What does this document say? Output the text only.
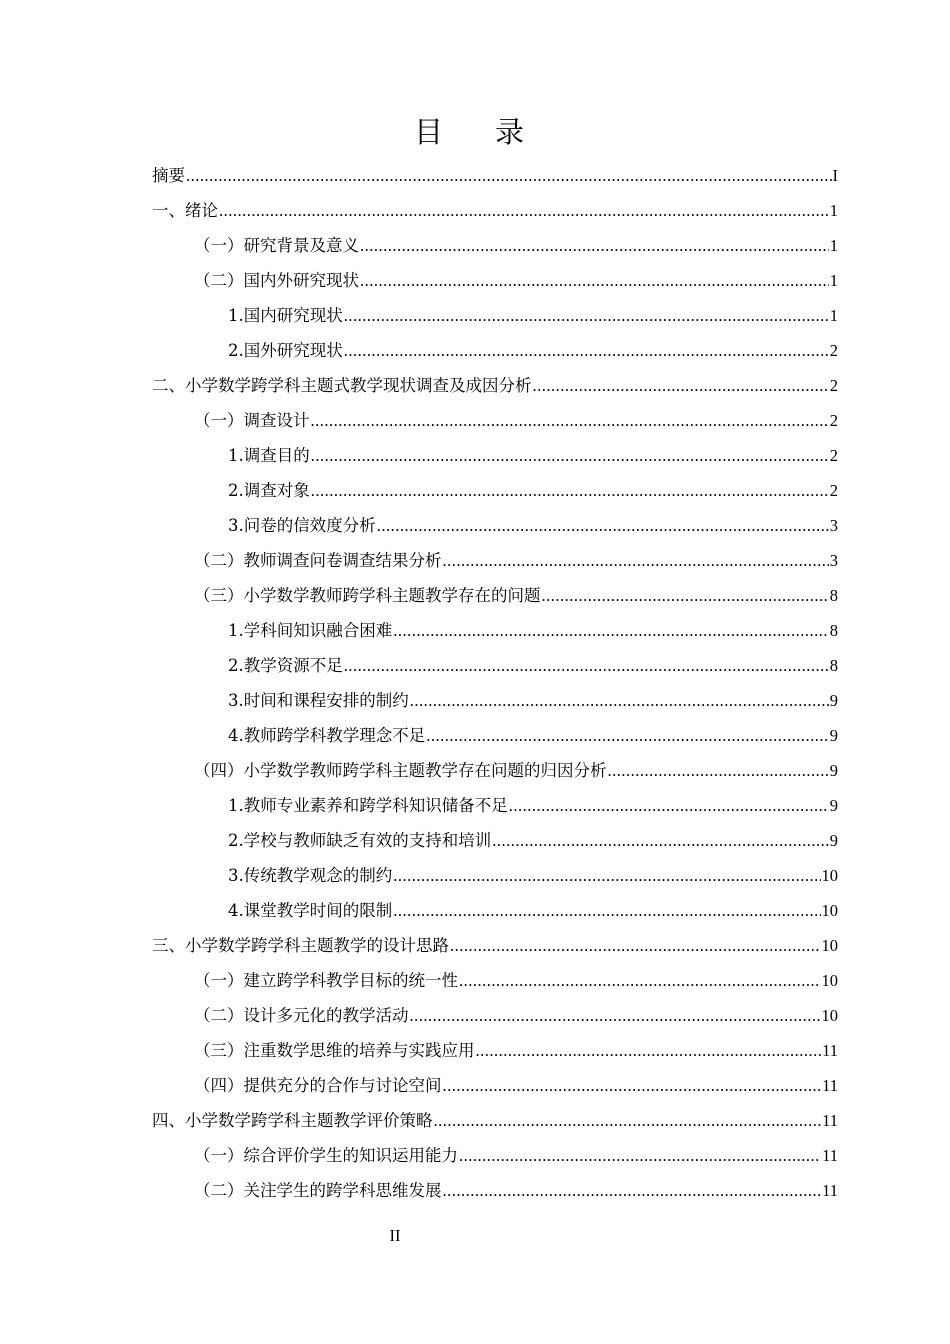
目录
摘要 .....	I
一、绪论 .....	1
（一）研究背景及意义 .....	1
（二）国内外研究现状 .....	1
1.国内研究现状 .....	1
2.国外研究现状 .....	2
二、小学数学跨学科主题式教学现状调查及成因分析 .....	2
（一）调查设计 .....	2
1.调查目的 .....	2
2.调查对象 .....	2
3.问卷的信效度分析 .....	3
（二）教师调查问卷调查结果分析 .....	3
（三）小学数学教师跨学科主题教学存在的问题 .....	8
1.学科间知识融合困难 .....	8
2.教学资源不足 .....	8
3.时间和课程安排的制约 .....	9
4.教师跨学科教学理念不足 .....	9
（四）小学数学教师跨学科主题教学存在问题的归因分析 .....	9
1.教师专业素养和跨学科知识储备不足 .....	9
2.学校与教师缺乏有效的支持和培训 .....	9
3.传统教学观念的制约 .....	10
4.课堂教学时间的限制 .....	10
三、小学数学跨学科主题教学的设计思路 .....	10
（一）建立跨学科教学目标的统一性 .....	10
（二）设计多元化的教学活动 .....	10
（三）注重数学思维的培养与实践应用 .....	11
（四）提供充分的合作与讨论空间 .....	11
四、小学数学跨学科主题教学评价策略 .....	11
（一）综合评价学生的知识运用能力 .....	11
（二）关注学生的跨学科思维发展 .....	11
II
